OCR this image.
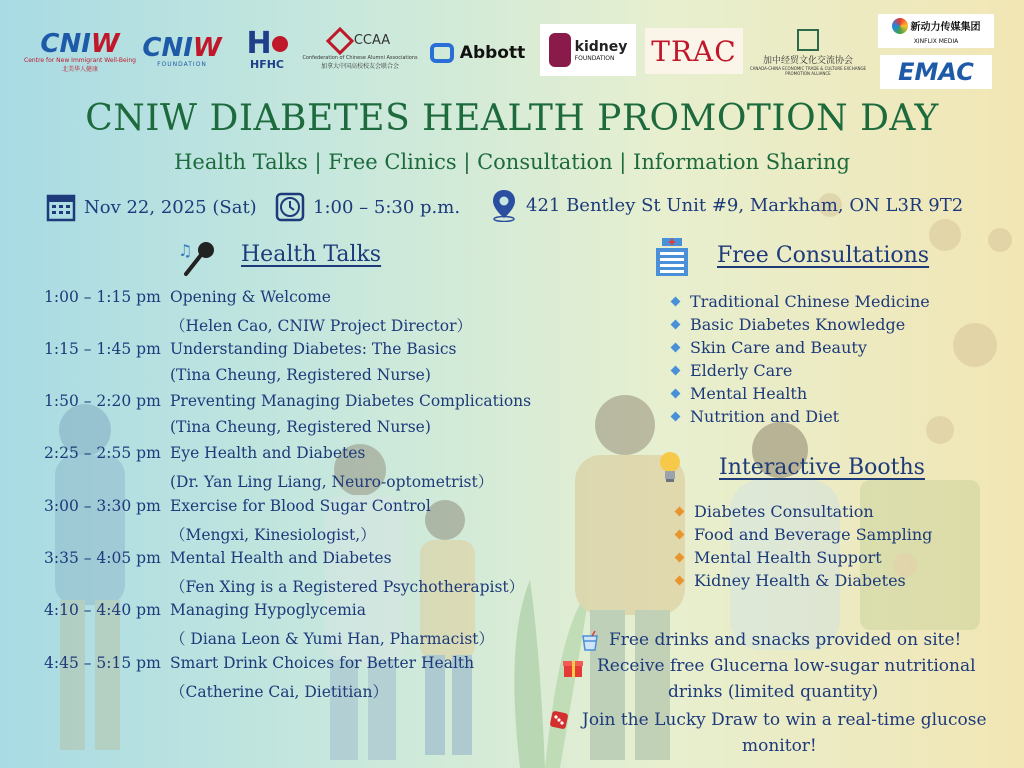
CNIW
Centre for New Immigrant Well-Being
北美华人健康
CNIW
FOUNDATION
H
HFHC
CCAA
Confederation of Chinese Alumni Associations
加拿大中国高校校友会联合会
Abbott	kidney
FOUNDATION	TRAC	加中经贸文化交流协会
CANADA-CHINA ECONOMIC TRADE & CULTURE EXCHANGE PROMOTION ALLIANCE
新动力传媒集团
XINFLIX MEDIA
EMAC
CNIW DIABETES HEALTH PROMOTION DAY
Health Talks | Free Clinics | Consultation | Information Sharing
Nov 22, 2025 (Sat)	1:00 – 5:30 p.m.	421 Bentley St Unit #9, Markham, ON L3R 9T2
♫ Health Talks
1:00 – 1:15 pm Opening & Welcome
（Helen Cao, CNIW Project Director）
1:15 – 1:45 pm Understanding Diabetes: The Basics
(Tina Cheung, Registered Nurse)
1:50 – 2:20 pm Preventing Managing Diabetes Complications
(Tina Cheung, Registered Nurse)
2:25 – 2:55 pm Eye Health and Diabetes
(Dr. Yan Ling Liang, Neuro-optometrist）
3:00 – 3:30 pm Exercise for Blood Sugar Control
（Mengxi, Kinesiologist,）
3:35 – 4:05 pm Mental Health and Diabetes
（Fen Xing is a Registered Psychotherapist）
4:10 – 4:40 pm Managing Hypoglycemia
（ Diana Leon & Yumi Han, Pharmacist）
4:45 – 5:15 pm Smart Drink Choices for Better Health
（Catherine Cai, Dietitian）
Free Consultations
Traditional Chinese Medicine
Basic Diabetes Knowledge
Skin Care and Beauty
Elderly Care
Mental Health
Nutrition and Diet
Interactive Booths
Diabetes Consultation
Food and Beverage Sampling
Mental Health Support
Kidney Health & Diabetes
Free drinks and snacks provided on site!
Receive free Glucerna low-sugar nutritional
drinks (limited quantity)
Join the Lucky Draw to win a real-time glucose
monitor!
